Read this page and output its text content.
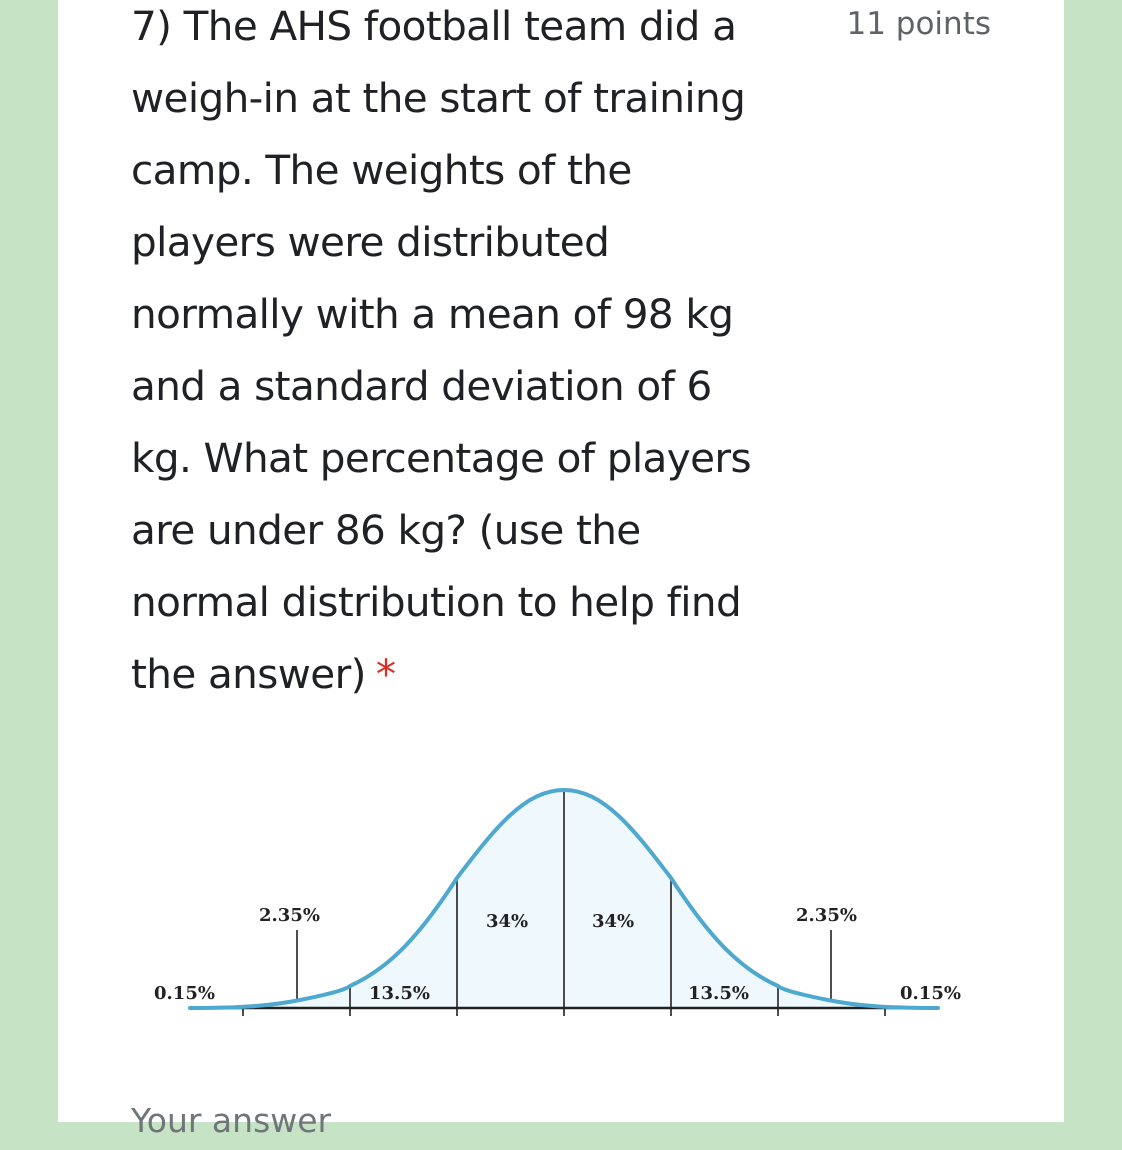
7) The AHS football team did a
weigh-in at the start of training
camp. The weights of the
players were distributed
normally with a mean of 98 kg
and a standard deviation of 6
kg. What percentage of players
are under 86 kg? (use the
normal distribution to help find
the answer) *
11 points
0.15%
2.35%
13.5%
34%	34%
13.5%
2.35%
0.15%
Your answer
